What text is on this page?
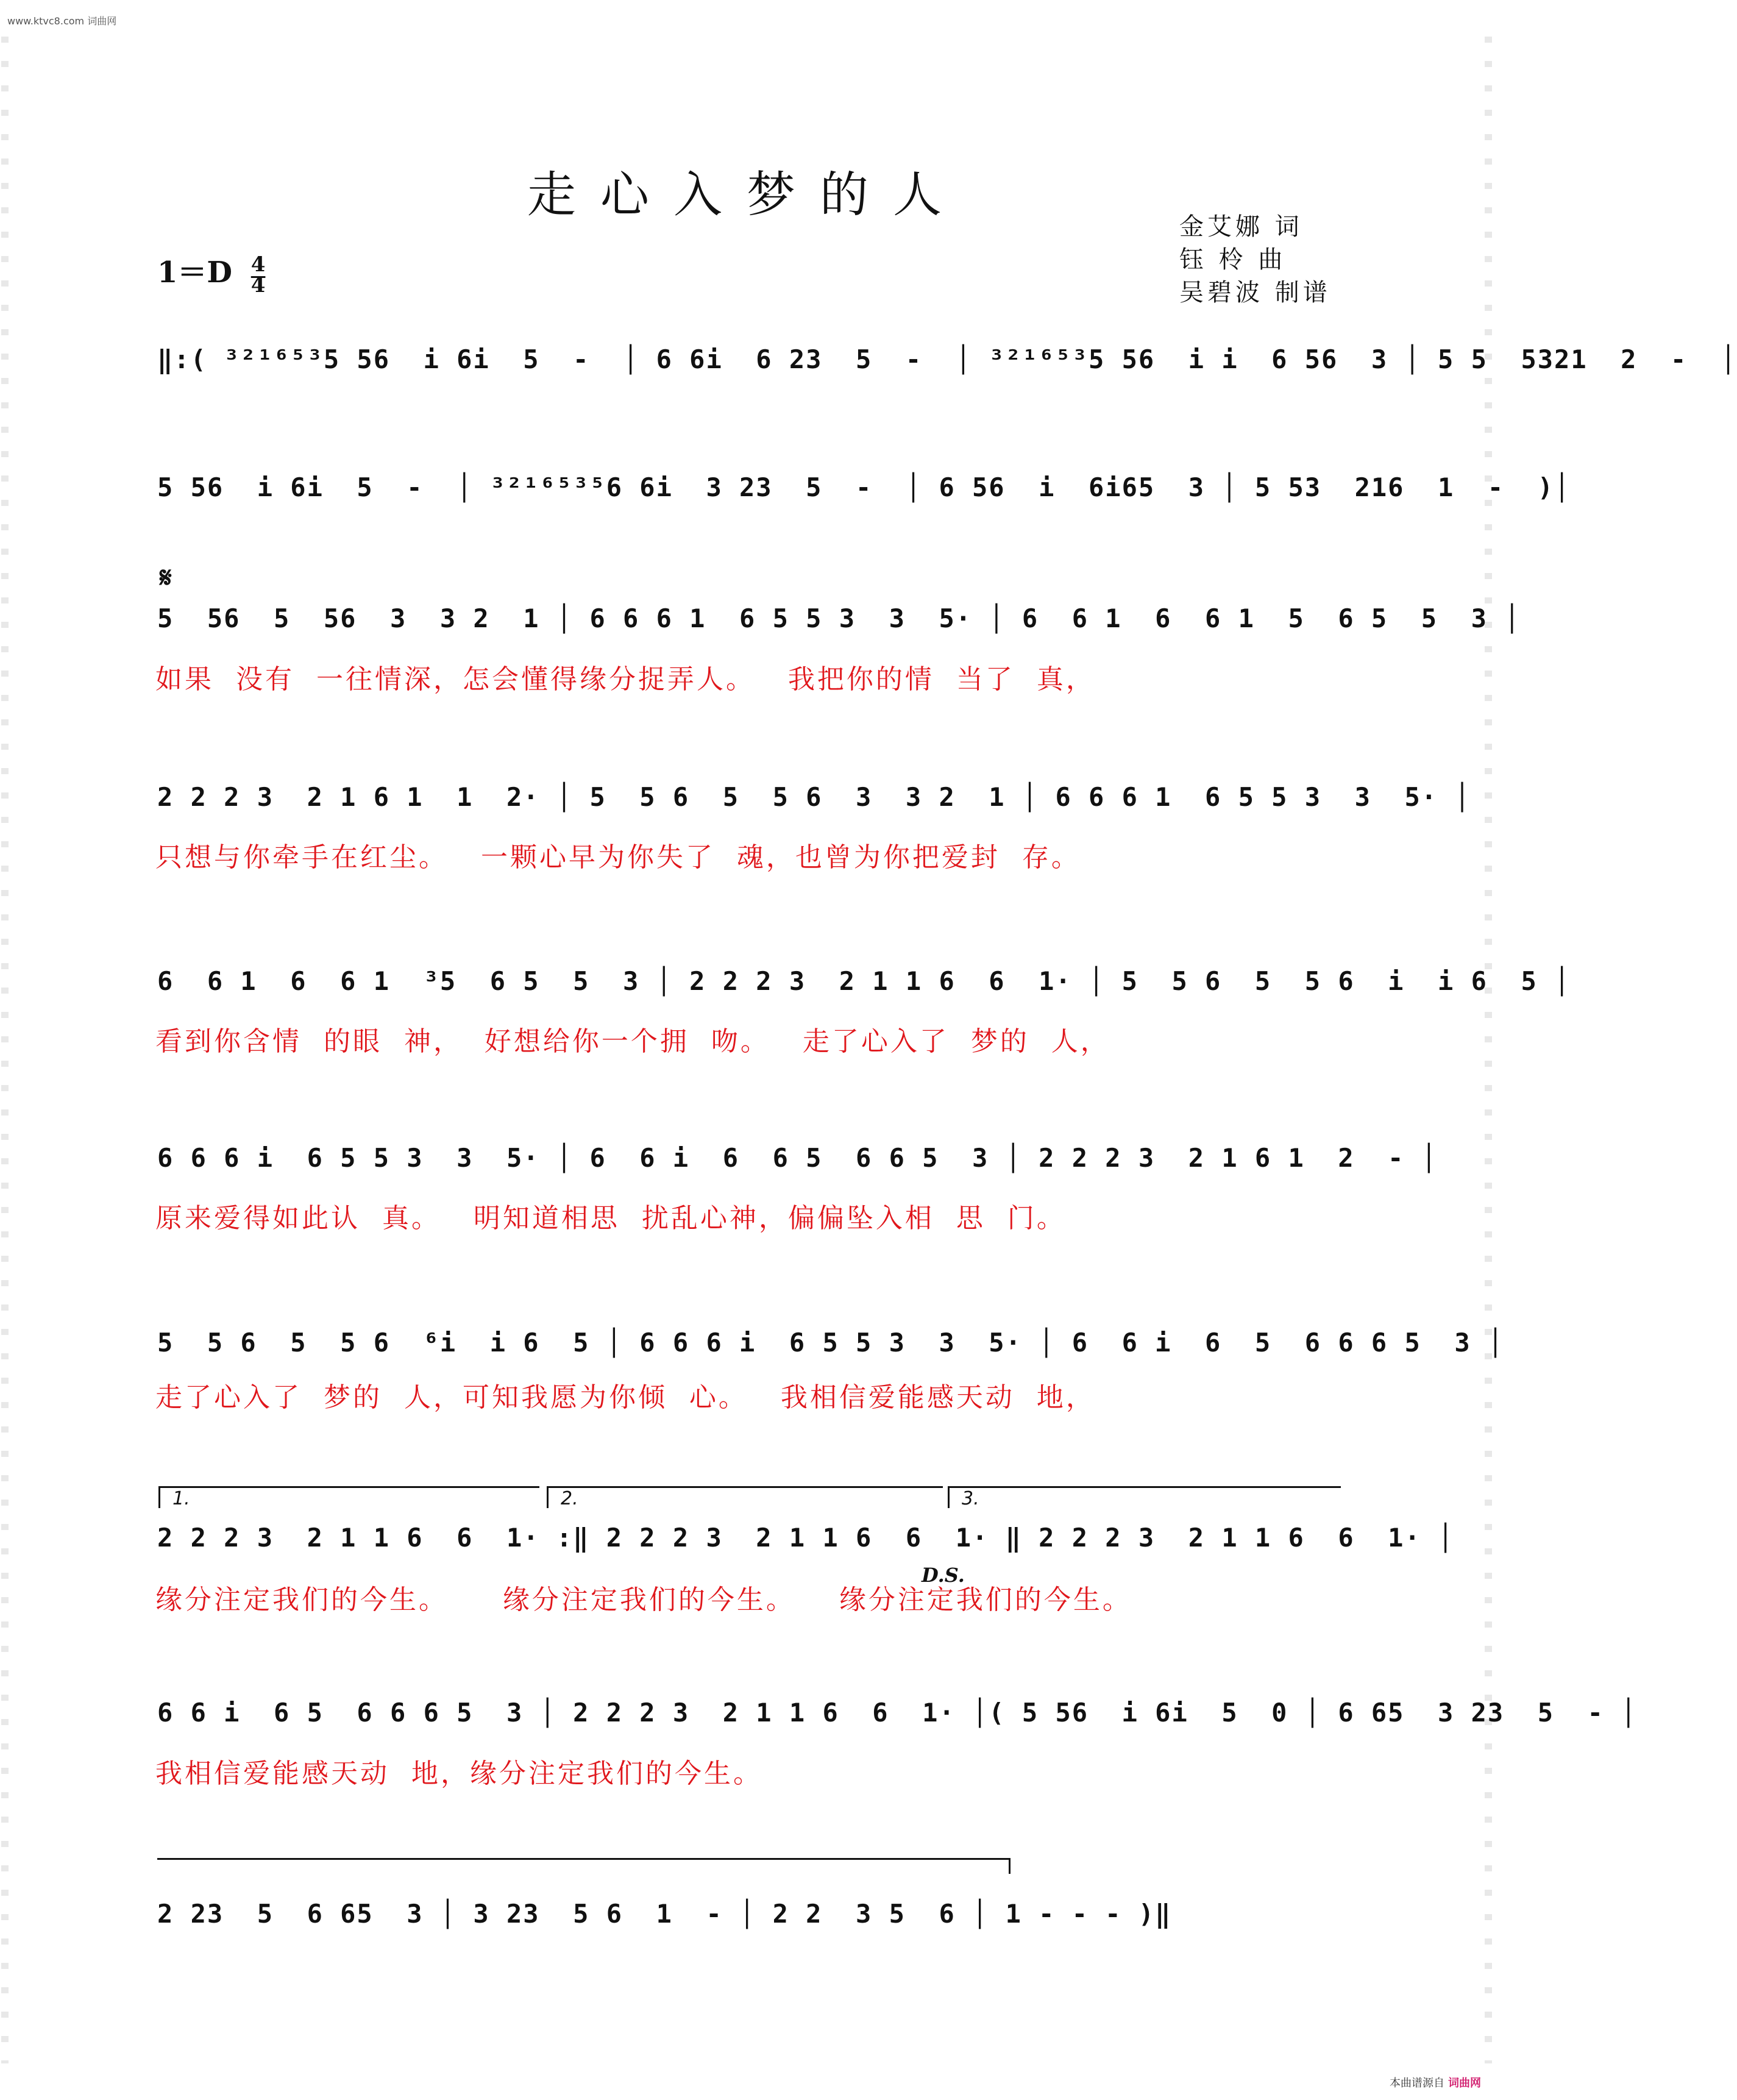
www.ktvc8.com 词曲网
走心入梦的人
金艾娜 词
钰 柃 曲
吴碧波 制谱
$1=D \frac{4}{4}$
‖:( ³²¹⁶⁵³5 56  i 6i  5  -  │ 6 6i  6 23  5  -  │ ³²¹⁶⁵³5 56  i i  6 56  3 │ 5 5  5321  2  -  │
5 56  i 6i  5  -  │ ³²¹⁶⁵³⁵6 6i  3 23  5  -  │ 6 56  i  6i65  3 │ 5 53  216  1  -  )│
𝄋
5  56  5  56  3  3 2  1 │ 6 6 6 1  6 5 5 3  3  5· │ 6  6 1  6  6 1  5  6 5  5  3 │
如果  没有  一往情深，怎会懂得缘分捉弄人。   我把你的情  当了  真，
2 2 2 3  2 1 6 1  1  2· │ 5  5 6  5  5 6  3  3 2  1 │ 6 6 6 1  6 5 5 3  3  5· │
只想与你牵手在红尘。   一颗心早为你失了  魂，也曾为你把爱封  存。
6  6 1  6  6 1  ³5  6 5  5  3 │ 2 2 2 3  2 1 1 6  6  1· │ 5  5 6  5  5 6  i  i 6  5 │
看到你含情  的眼  神，  好想给你一个拥  吻。   走了心入了  梦的  人，
6 6 6 i  6 5 5 3  3  5· │ 6  6 i  6  6 5  6 6 5  3 │ 2 2 2 3  2 1 6 1  2  - │
原来爱得如此认  真。   明知道相思  扰乱心神，偏偏坠入相  思  门。
5  5 6  5  5 6  ⁶i  i 6  5 │ 6 6 6 i  6 5 5 3  3  5· │ 6  6 i  6  5  6 6 6 5  3 │
走了心入了  梦的  人，可知我愿为你倾  心。   我相信爱能感天动  地，
1.	2.	3.
2 2 2 3  2 1 1 6  6  1· :‖ 2 2 2 3  2 1 1 6  6  1· ‖ 2 2 2 3  2 1 1 6  6  1· │
D.S.
缘分注定我们的今生。     缘分注定我们的今生。    缘分注定我们的今生。
6 6 i  6 5  6 6 6 5  3 │ 2 2 2 3  2 1 1 6  6  1· │( 5 56  i 6i  5  0 │ 6 65  3 23  5  - │
我相信爱能感天动  地，缘分注定我们的今生。
2 23  5  6 65  3 │ 3 23  5 6  1  - │ 2 2  3 5  6 │ 1 - - - )‖
本曲谱源自 词曲网
